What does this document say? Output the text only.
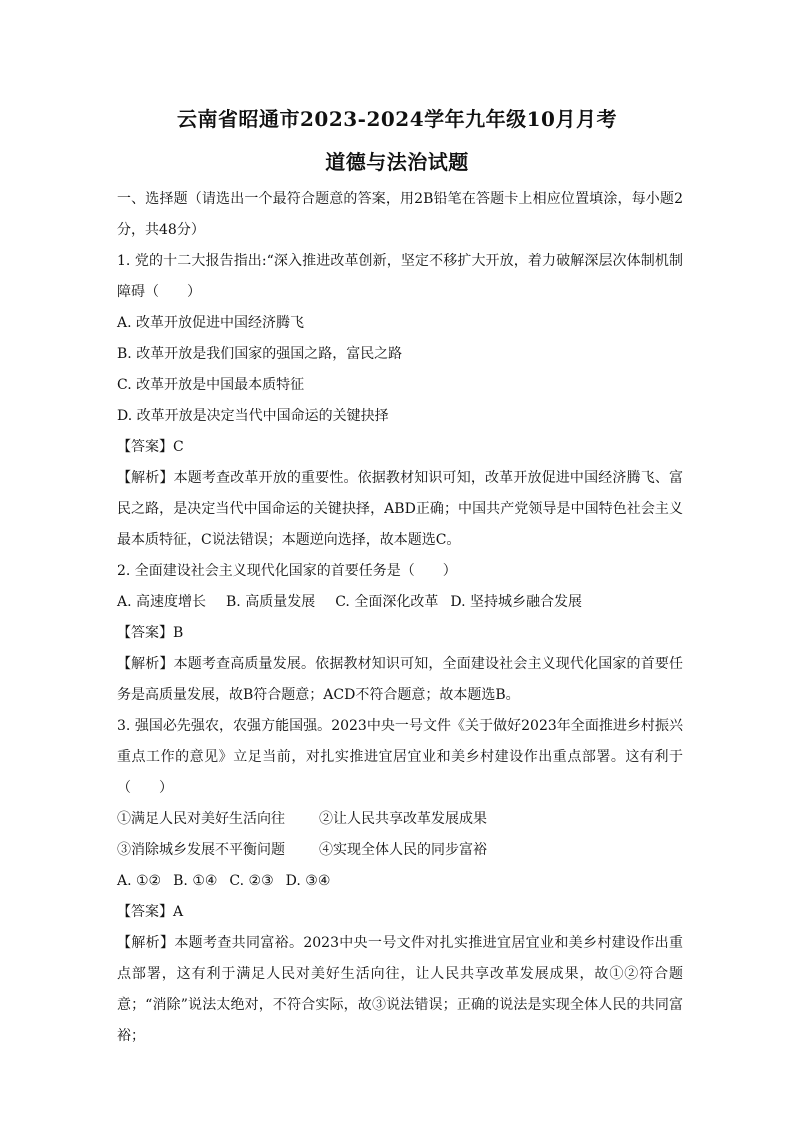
云南省昭通市2023-2024学年九年级10月月考
道德与法治试题

一、选择题（请选出一个最符合题意的答案，用2B铅笔在答题卡上相应位置填涂，每小题2分，共48分）

1. 党的十二大报告指出:“深入推进改革创新，坚定不移扩大开放，着力破解深层次体制机制障碍（　　）

A. 改革开放促进中国经济腾飞

B. 改革开放是我们国家的强国之路，富民之路

C. 改革开放是中国最本质特征

D. 改革开放是决定当代中国命运的关键抉择

【答案】C

【解析】本题考查改革开放的重要性。依据教材知识可知，改革开放促进中国经济腾飞、富民之路，是决定当代中国命运的关键抉择，ABD正确；中国共产党领导是中国特色社会主义最本质特征，C说法错误；本题逆向选择，故本题选C。

2. 全面建设社会主义现代化国家的首要任务是（　　）

A. 高速度增长 B. 高质量发展 C. 全面深化改革 D. 坚持城乡融合发展

【答案】B

【解析】本题考查高质量发展。依据教材知识可知，全面建设社会主义现代化国家的首要任务是高质量发展，故B符合题意；ACD不符合题意；故本题选B。

3. 强国必先强农，农强方能国强。2023中央一号文件《关于做好2023年全面推进乡村振兴重点工作的意见》立足当前，对扎实推进宜居宜业和美乡村建设作出重点部署。这有利于（　　）

①满足人民对美好生活向往 ②让人民共享改革发展成果

③消除城乡发展不平衡问题 ④实现全体人民的同步富裕

A. ①② B. ①④ C. ②③ D. ③④

【答案】A

【解析】本题考查共同富裕。2023中央一号文件对扎实推进宜居宜业和美乡村建设作出重点部署，这有利于满足人民对美好生活向往，让人民共享改革发展成果，故①②符合题意；“消除”说法太绝对，不符合实际，故③说法错误；正确的说法是实现全体人民的共同富裕；
